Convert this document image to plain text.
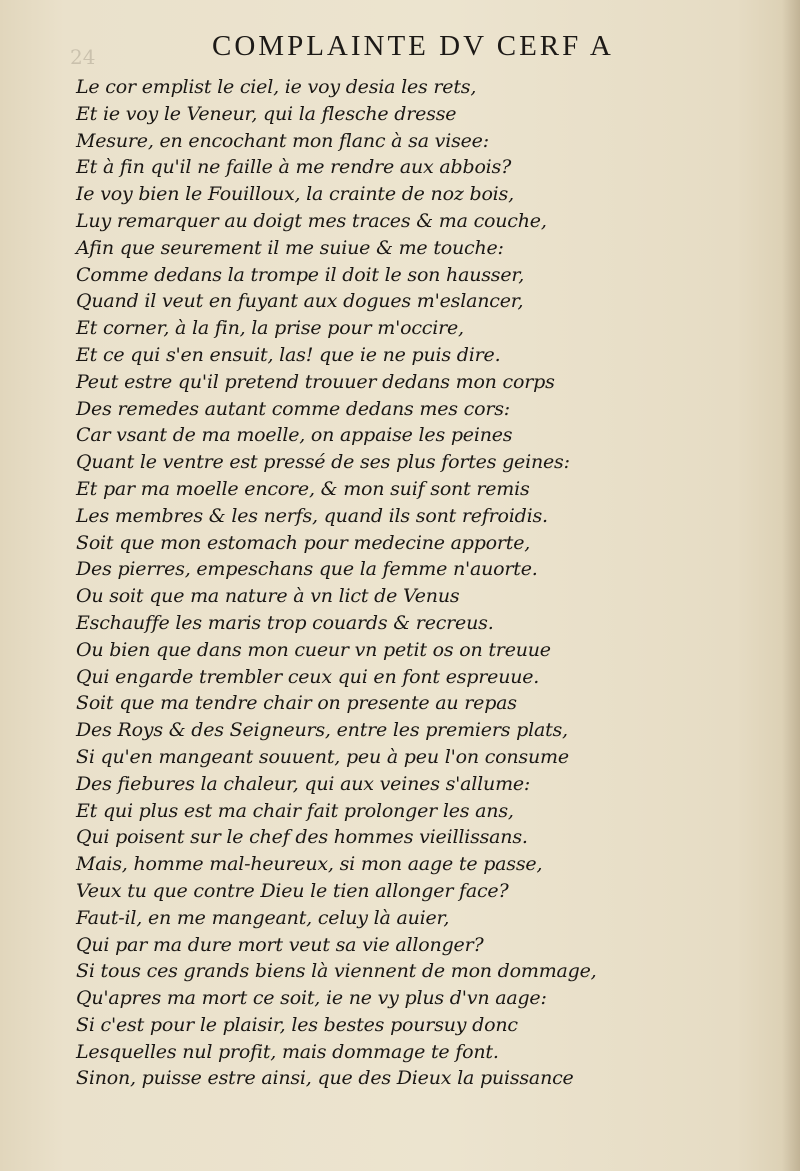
24	COMPLAINTE DV CERF A
Le cor emplist le ciel, ie voy desia les rets,
Et ie voy le Veneur, qui la flesche dresse
Mesure, en encochant mon flanc à sa visee:
Et à fin qu'il ne faille à me rendre aux abbois?
Ie voy bien le Fouilloux, la crainte de noz bois,
Luy remarquer au doigt mes traces & ma couche,
Afin que seurement il me suiue & me touche:
Comme dedans la trompe il doit le son hausser,
Quand il veut en fuyant aux dogues m'eslancer,
Et corner, à la fin, la prise pour m'occire,
Et ce qui s'en ensuit, las! que ie ne puis dire.
Peut estre qu'il pretend trouuer dedans mon corps
Des remedes autant comme dedans mes cors:
Car vsant de ma moelle, on appaise les peines
Quant le ventre est pressé de ses plus fortes geines:
Et par ma moelle encore, & mon suif sont remis
Les membres & les nerfs, quand ils sont refroidis.
Soit que mon estomach pour medecine apporte,
Des pierres, empeschans que la femme n'auorte.
Ou soit que ma nature à vn lict de Venus
Eschauffe les maris trop couards & recreus.
Ou bien que dans mon cueur vn petit os on treuue
Qui engarde trembler ceux qui en font espreuue.
Soit que ma tendre chair on presente au repas
Des Roys & des Seigneurs, entre les premiers plats,
Si qu'en mangeant souuent, peu à peu l'on consume
Des fiebures la chaleur, qui aux veines s'allume:
Et qui plus est ma chair fait prolonger les ans,
Qui poisent sur le chef des hommes vieillissans.
Mais, homme mal-heureux, si mon aage te passe,
Veux tu que contre Dieu le tien allonger face?
Faut-il, en me mangeant, celuy là auier,
Qui par ma dure mort veut sa vie allonger?
Si tous ces grands biens là viennent de mon dommage,
Qu'apres ma mort ce soit, ie ne vy plus d'vn aage:
Si c'est pour le plaisir, les bestes poursuy donc
Lesquelles nul profit, mais dommage te font.
Sinon, puisse estre ainsi, que des Dieux la puissance
